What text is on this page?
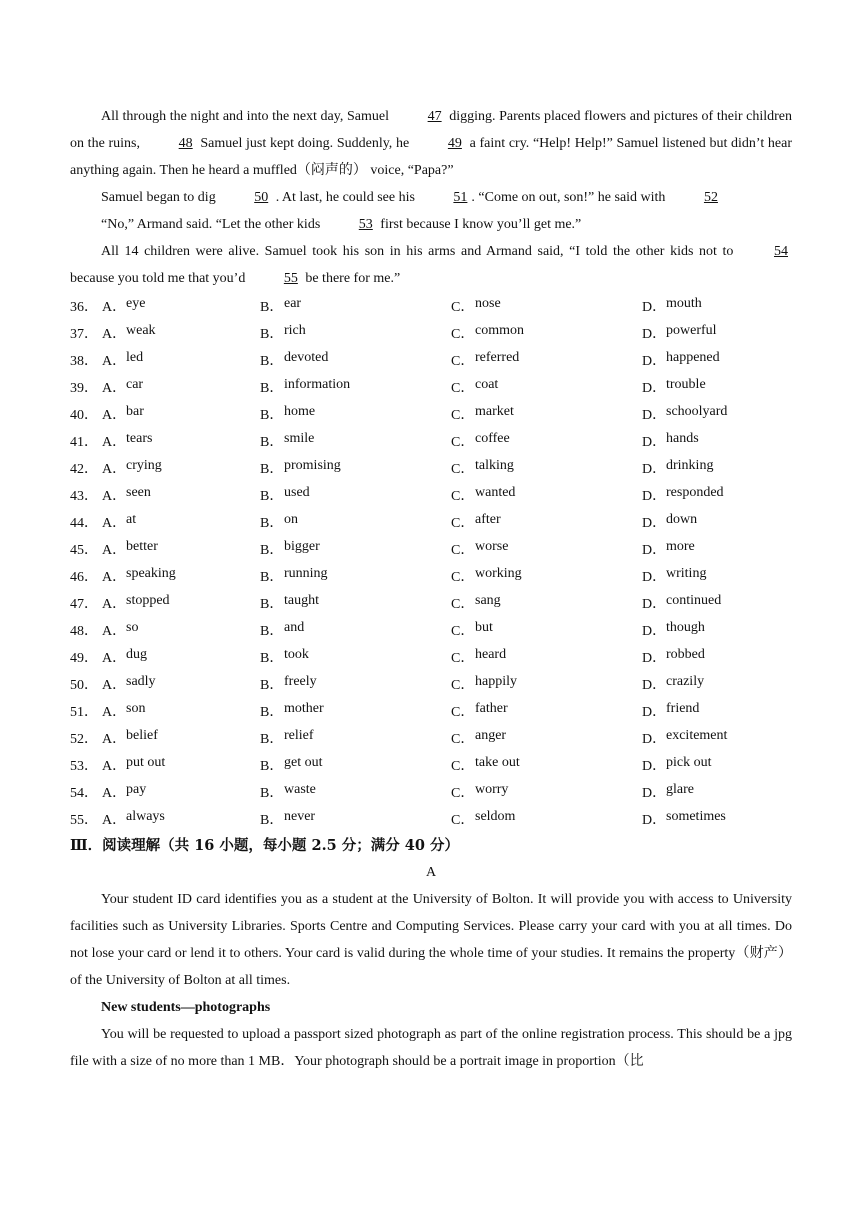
All through the night and into the next day, Samuel	47 digging. Parents placed flowers and pictures of their children on the ruins,	48 Samuel just kept doing. Suddenly, he	49 a faint cry. “Help! Help!” Samuel listened but didn’t hear anything again. Then he heard a muffled（闷声的） voice, “Papa?”

Samuel began to dig	50 . At last, he could see his	51 . “Come on out, son!” he said with	52

“No,” Armand said. “Let the other kids	53 first because I know you’ll get me.”

All 14 children were alive. Samuel took his son in his arms and Armand said, “I told the other kids not to	54 because you told me that you’d	55 be there for me.”

36． A． eye	B． ear	C． nose	D． mouth
37． A． weak	B． rich	C． common	D． powerful
38． A． led	B． devoted	C． referred	D． happened
39． A． car	B． information	C． coat	D． trouble
40． A． bar	B． home	C． market	D． schoolyard
41． A． tears	B． smile	C． coffee	D． hands
42． A． crying	B． promising	C． talking	D． drinking
43． A． seen	B． used	C． wanted	D． responded
44． A． at	B． on	C． after	D． down
45． A． better	B． bigger	C． worse	D． more
46． A． speaking	B． running	C． working	D． writing
47． A． stopped	B． taught	C． sang	D． continued
48． A． so	B． and	C． but	D． though
49． A． dug	B． took	C． heard	D． robbed
50． A． sadly	B． freely	C． happily	D． crazily
51． A． son	B． mother	C． father	D． friend
52． A． belief	B． relief	C． anger	D． excitement
53． A． put out	B． get out	C． take out	D． pick out
54． A． pay	B． waste	C． worry	D． glare
55． A． always	B． never	C． seldom	D． sometimes

Ⅲ．阅读理解（共 16 小题，每小题 2.5 分；满分 40 分）

A

Your student ID card identifies you as a student at the University of Bolton. It will provide you with access to University facilities such as University Libraries. Sports Centre and Computing Services. Please carry your card with you at all times. Do not lose your card or lend it to others. Your card is valid during the whole time of your studies. It remains the property（财产） of the University of Bolton at all times.

New students—photographs

You will be requested to upload a passport sized photograph as part of the online registration process. This should be a jpg file with a size of no more than 1 MB．Your photograph should be a portrait image in proportion（比
